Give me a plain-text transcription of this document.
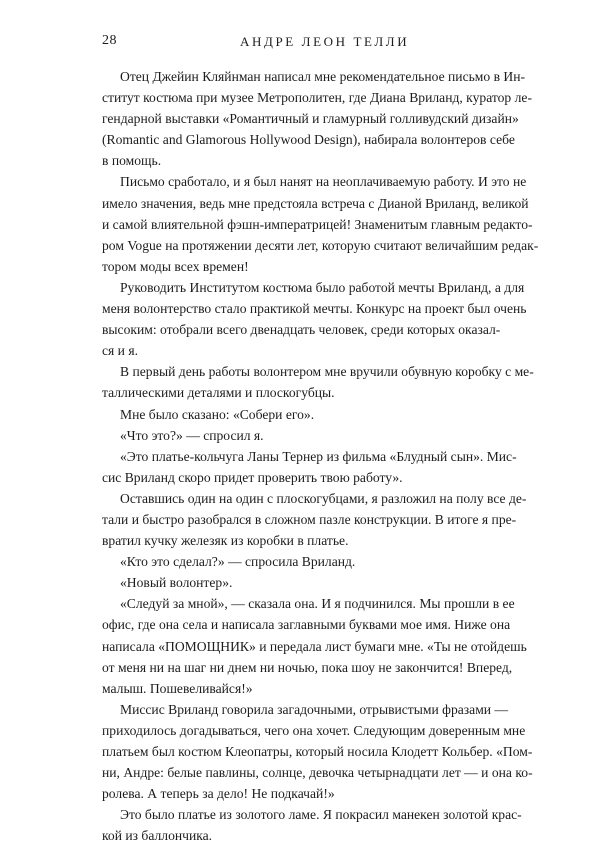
28	АНДРЕ ЛЕОН ТЕЛЛИ
Отец Джейин Кляйнман написал мне рекомендательное письмо в Ин-
ститут костюма при музее Метрополитен, где Диана Вриланд, куратор ле-
гендарной выставки «Романтичный и гламурный голливудский дизайн»
(Romantic and Glamorous Hollywood Design), набирала волонтеров себе
в помощь.
Письмо сработало, и я был нанят на неоплачиваемую работу. И это не
имело значения, ведь мне предстояла встреча с Дианой Вриланд, великой
и самой влиятельной фэшн-императрицей! Знаменитым главным редакто-
ром Vogue на протяжении десяти лет, которую считают величайшим редак-
тором моды всех времен!
Руководить Институтом костюма было работой мечты Вриланд, а для
меня волонтерство стало практикой мечты. Конкурс на проект был очень
высоким: отобрали всего двенадцать человек, среди которых оказал-
ся и я.
В первый день работы волонтером мне вручили обувную коробку с ме-
таллическими деталями и плоскогубцы.
Мне было сказано: «Собери его».
«Что это?» — спросил я.
«Это платье-кольчуга Ланы Тернер из фильма «Блудный сын». Мис-
сис Вриланд скоро придет проверить твою работу».
Оставшись один на один с плоскогубцами, я разложил на полу все де-
тали и быстро разобрался в сложном пазле конструкции. В итоге я пре-
вратил кучку железяк из коробки в платье.
«Кто это сделал?» — спросила Вриланд.
«Новый волонтер».
«Следуй за мной», — сказала она. И я подчинился. Мы прошли в ее
офис, где она села и написала заглавными буквами мое имя. Ниже она
написала «ПОМОЩНИК» и передала лист бумаги мне. «Ты не отойдешь
от меня ни на шаг ни днем ни ночью, пока шоу не закончится! Вперед,
малыш. Пошевеливайся!»
Миссис Вриланд говорила загадочными, отрывистыми фразами —
приходилось догадываться, чего она хочет. Следующим доверенным мне
платьем был костюм Клеопатры, который носила Клодетт Кольбер. «Пом-
ни, Андре: белые павлины, солнце, девочка четырнадцати лет — и она ко-
ролева. А теперь за дело! Не подкачай!»
Это было платье из золотого ламе. Я покрасил манекен золотой крас-
кой из баллончика.
